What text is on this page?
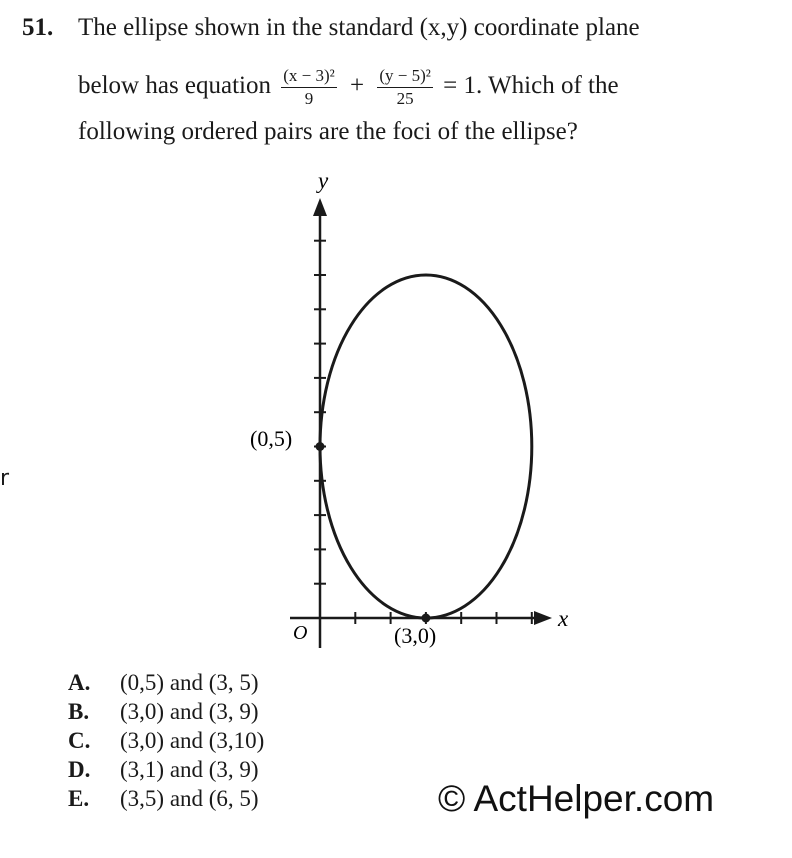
51. The ellipse shown in the standard (x,y) coordinate plane
below has equation $\frac{\text{(x − 3)²}}{9} + \frac{\text{(y − 5)²}}{25} = 1$. Which of the
following ordered pairs are the foci of the ellipse?
r
y
x
O
(0,5)
(3,0)
A. (0,5) and (3, 5)
B. (3,0) and (3, 9)
C. (3,0) and (3,10)
D. (3,1) and (3, 9)
E. (3,5) and (6, 5)	© ActHelper.com
